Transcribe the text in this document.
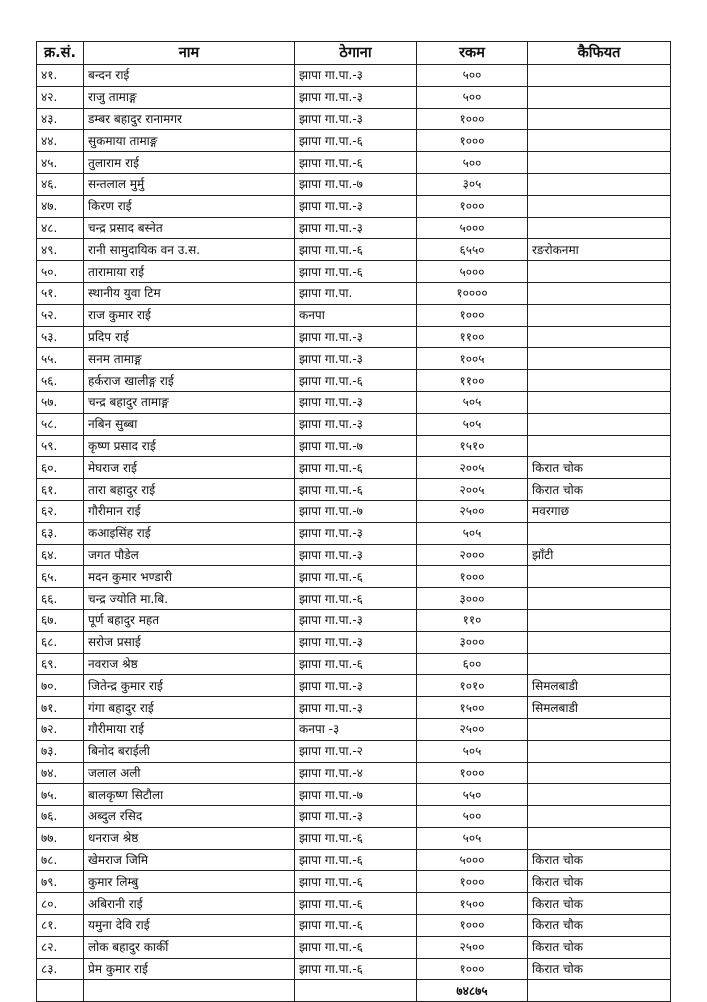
क्र.सं.	नाम	ठेगाना	रकम	कैफियत
४१.	बन्दन राई	झापा गा.पा.-३	५००	
४२.	राजु तामाङ्ग	झापा गा.पा.-३	५००	
४३.	डम्बर बहादुर रानामगर	झापा गा.पा.-३	१०००	
४४.	सुकमाया तामाङ्ग	झापा गा.पा.-६	१०००	
४५.	तुलाराम राई	झापा गा.पा.-६	५००	
४६.	सन्तलाल मुर्मु	झापा गा.पा.-७	३०५	
४७.	किरण राई	झापा गा.पा.-३	१०००	
४८.	चन्द्र प्रसाद बस्नेत	झापा गा.पा.-३	५०००	
४९.	रानी सामुदायिक वन उ.स.	झापा गा.पा.-६	६५५०	रङरोकनमा
५०.	तारामाया राई	झापा गा.पा.-६	५०००	
५१.	स्थानीय युवा टिम	झापा गा.पा.	१००००	
५२.	राज कुमार राई	कनपा	१०००	
५३.	प्रदिप राई	झापा गा.पा.-३	११००	
५५.	सनम तामाङ्ग	झापा गा.पा.-३	१००५	
५६.	हर्कराज खालीङ्ग राई	झापा गा.पा.-६	११००	
५७.	चन्द्र बहादुर तामाङ्ग	झापा गा.पा.-३	५०५	
५८.	नबिन सुब्बा	झापा गा.पा.-३	५०५	
५९.	कृष्ण प्रसाद राई	झापा गा.पा.-७	१५१०	
६०.	मेघराज राई	झापा गा.पा.-६	२००५	किरात चोक
६१.	तारा बहादुर राई	झापा गा.पा.-६	२००५	किरात चोक
६२.	गौरीमान राई	झापा गा.पा.-७	२५००	मवरगाछ
६३.	कआइसिंह राई	झापा गा.पा.-३	५०५	
६४.	जगत पौडेल	झापा गा.पा.-३	२०००	झाँटी
६५.	मदन कुमार भण्डारी	झापा गा.पा.-६	१०००	
६६.	चन्द्र ज्योति मा.बि.	झापा गा.पा.-६	३०००	
६७.	पूर्ण बहादुर महत	झापा गा.पा.-३	११०	
६८.	सरोज प्रसाई	झापा गा.पा.-३	३०००	
६९.	नवराज श्रेष्ठ	झापा गा.पा.-६	६००	
७०.	जितेन्द्र कुमार राई	झापा गा.पा.-३	१०१०	सिमलबाडी
७१.	गंगा बहादुर राई	झापा गा.पा.-३	१५००	सिमलबाडी
७२.	गौरीमाया राई	कनपा -३	२५००	
७३.	बिनोद बराईली	झापा गा.पा.-२	५०५	
७४.	जलाल अली	झापा गा.पा.-४	१०००	
७५.	बालकृष्ण सिटौला	झापा गा.पा.-७	५५०	
७६.	अब्दुल रसिद	झापा गा.पा.-३	५००	
७७.	धनराज श्रेष्ठ	झापा गा.पा.-६	५०५	
७८.	खेमराज जिमि	झापा गा.पा.-६	५०००	किरात चोक
७९.	कुमार लिम्बु	झापा गा.पा.-६	१०००	किरात चोक
८०.	अबिरानी राई	झापा गा.पा.-६	१५००	किरात चोक
८१.	यमुना देवि राई	झापा गा.पा.-६	१०००	किरात चौक
८२.	लोक बहादुर कार्की	झापा गा.पा.-६	२५००	किरात चोक
८३.	प्रेम कुमार राई	झापा गा.पा.-६	१०००	किरात चोक
			७४८७५	
